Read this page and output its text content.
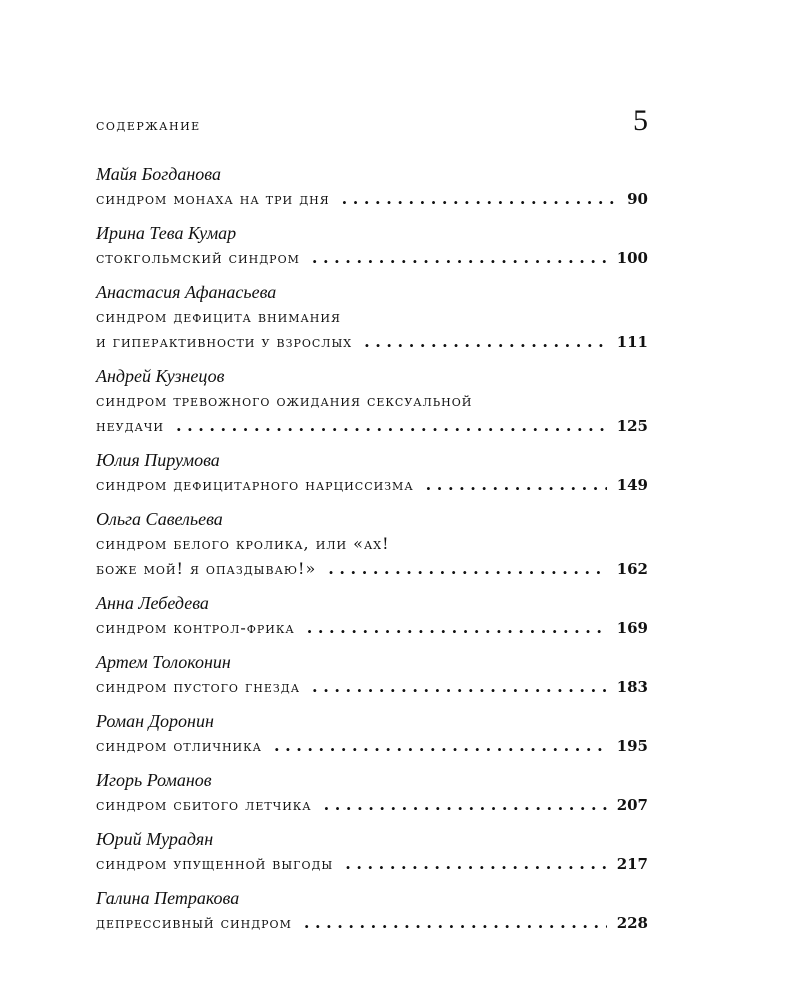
СОДЕРЖАНИЕ	5
Майя Богданова
синдром монаха на три дня . . .	90
Ирина Тева Кумар
стокгольмский синдром . . .	100
Анастасия Афанасьева
синдром дефицита внимания
и гиперактивности у взрослых . . .	111
Андрей Кузнецов
синдром тревожного ожидания сексуальной
неудачи . . .	125
Юлия Пирумова
синдром дефицитарного нарциссизма . . .	149
Ольга Савельева
синдром белого кролика, или «ах!
боже мой! я опаздываю!» . . .	162
Анна Лебедева
синдром контрол-фрика . . .	169
Артем Толоконин
синдром пустого гнезда . . .	183
Роман Доронин
синдром отличника . . .	195
Игорь Романов
синдром сбитого летчика . . .	207
Юрий Мурадян
синдром упущенной выгоды . . .	217
Галина Петракова
депрессивный синдром . . .	228
